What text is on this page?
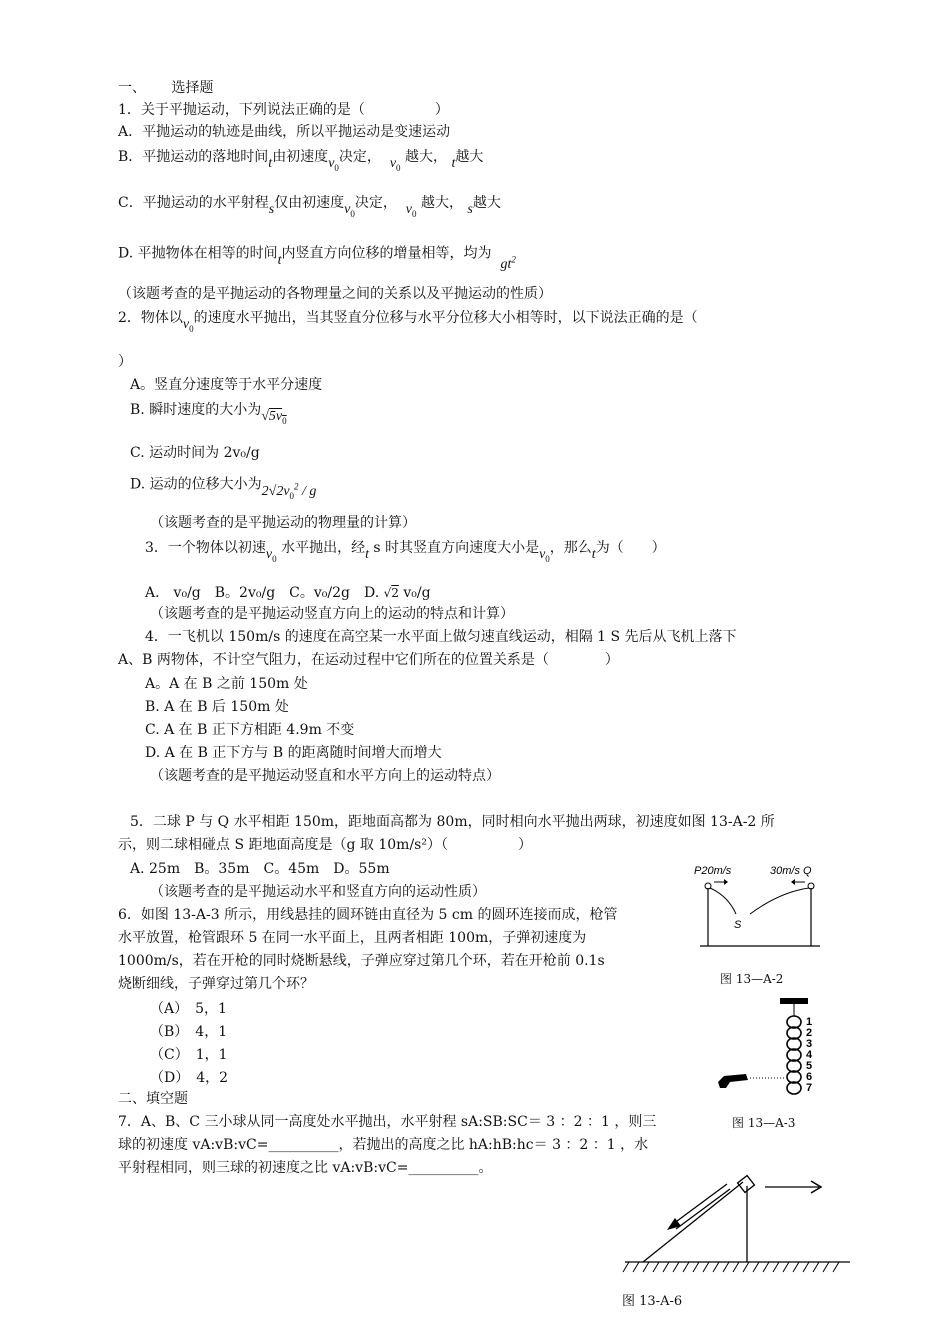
一、　　 选择题
1．关于平抛运动，下列说法正确的是（　　　　　）
A．平抛运动的轨迹是曲线，所以平抛运动是变速运动
B．平抛运动的落地时间t由初速度$v_0$决定， $v_0$ 越大， t越大
C．平抛运动的水平射程s仅由初速度$v_0$决定， $v_0$ 越大， s越大
D. 平抛物体在相等的时间t内竖直方向位移的增量相等，均为  $gt^2$
（该题考查的是平抛运动的各物理量之间的关系以及平抛运动的性质）
2．物体以$v_0$的速度水平抛出，当其竖直分位移与水平分位移大小相等时，以下说法正确的是（
）
A。竖直分速度等于水平分速度
B. 瞬时速度的大小为$√5v_0$
C. 运动时间为 2v₀/g
D. 运动的位移大小为$2√2v_0^2$ / g
（该题考查的是平抛运动的物理量的计算）
3．一个物体以初速$v_0$ 水平抛出，经t s 时其竖直方向速度大小是$v_0$，那么t为（　　）
A． v₀/g　B。2v₀/g　C。v₀/2g　D. √2 v₀/g
（该题考查的是平抛运动竖直方向上的运动的特点和计算）
4．一飞机以 150m/s 的速度在高空某一水平面上做匀速直线运动，相隔 1 S 先后从飞机上落下
A、B 两物体，不计空气阻力，在运动过程中它们所在的位置关系是（　　　　）
A。A 在 B 之前 150m 处
B. A 在 B 后 150m 处
C. A 在 B 正下方相距 4.9m 不变
D. A 在 B 正下方与 B 的距离随时间增大而增大
（该题考查的是平抛运动竖直和水平方向上的运动特点）
5．二球 P 与 Q 水平相距 150m，距地面高都为 80m，同时相向水平抛出两球，初速度如图 13-A-2 所
示，则二球相碰点 S 距地面高度是（g 取 10m/s²）（　　　　　）
A. 25m　B。35m　C。45m　D。55m
（该题考查的是平抛运动水平和竖直方向的运动性质）
6．如图 13-A-3 所示，用线悬挂的圆环链由直径为 5 cm 的圆环连接而成，枪管
水平放置，枪管跟环 5 在同一水平面上，且两者相距 100m，子弹初速度为
1000m/s，若在开枪的同时烧断悬线，子弹应穿过第几个环，若在开枪前 0.1s
烧断细线，子弹穿过第几个环？
（A）　5，1
（B）　4，1
（C）　1，1
（D）　4，2
二、填空题
7．A、B、C 三小球从同一高度处水平抛出，水平射程 sA:SB:SC＝ 3 ：2 ：1 ，则三
球的初速度 vA:vB:vC=__________，若抛出的高度之比 hA:hB:hc＝ 3 ：2 ：1 ，水
平射程相同，则三球的初速度之比 vA:vB:vC=__________。
P20m/s	30m/s Q
S
图 13—A-2
1
2
3
4
5
6
7
图 13—A-3
图 13-A-6
